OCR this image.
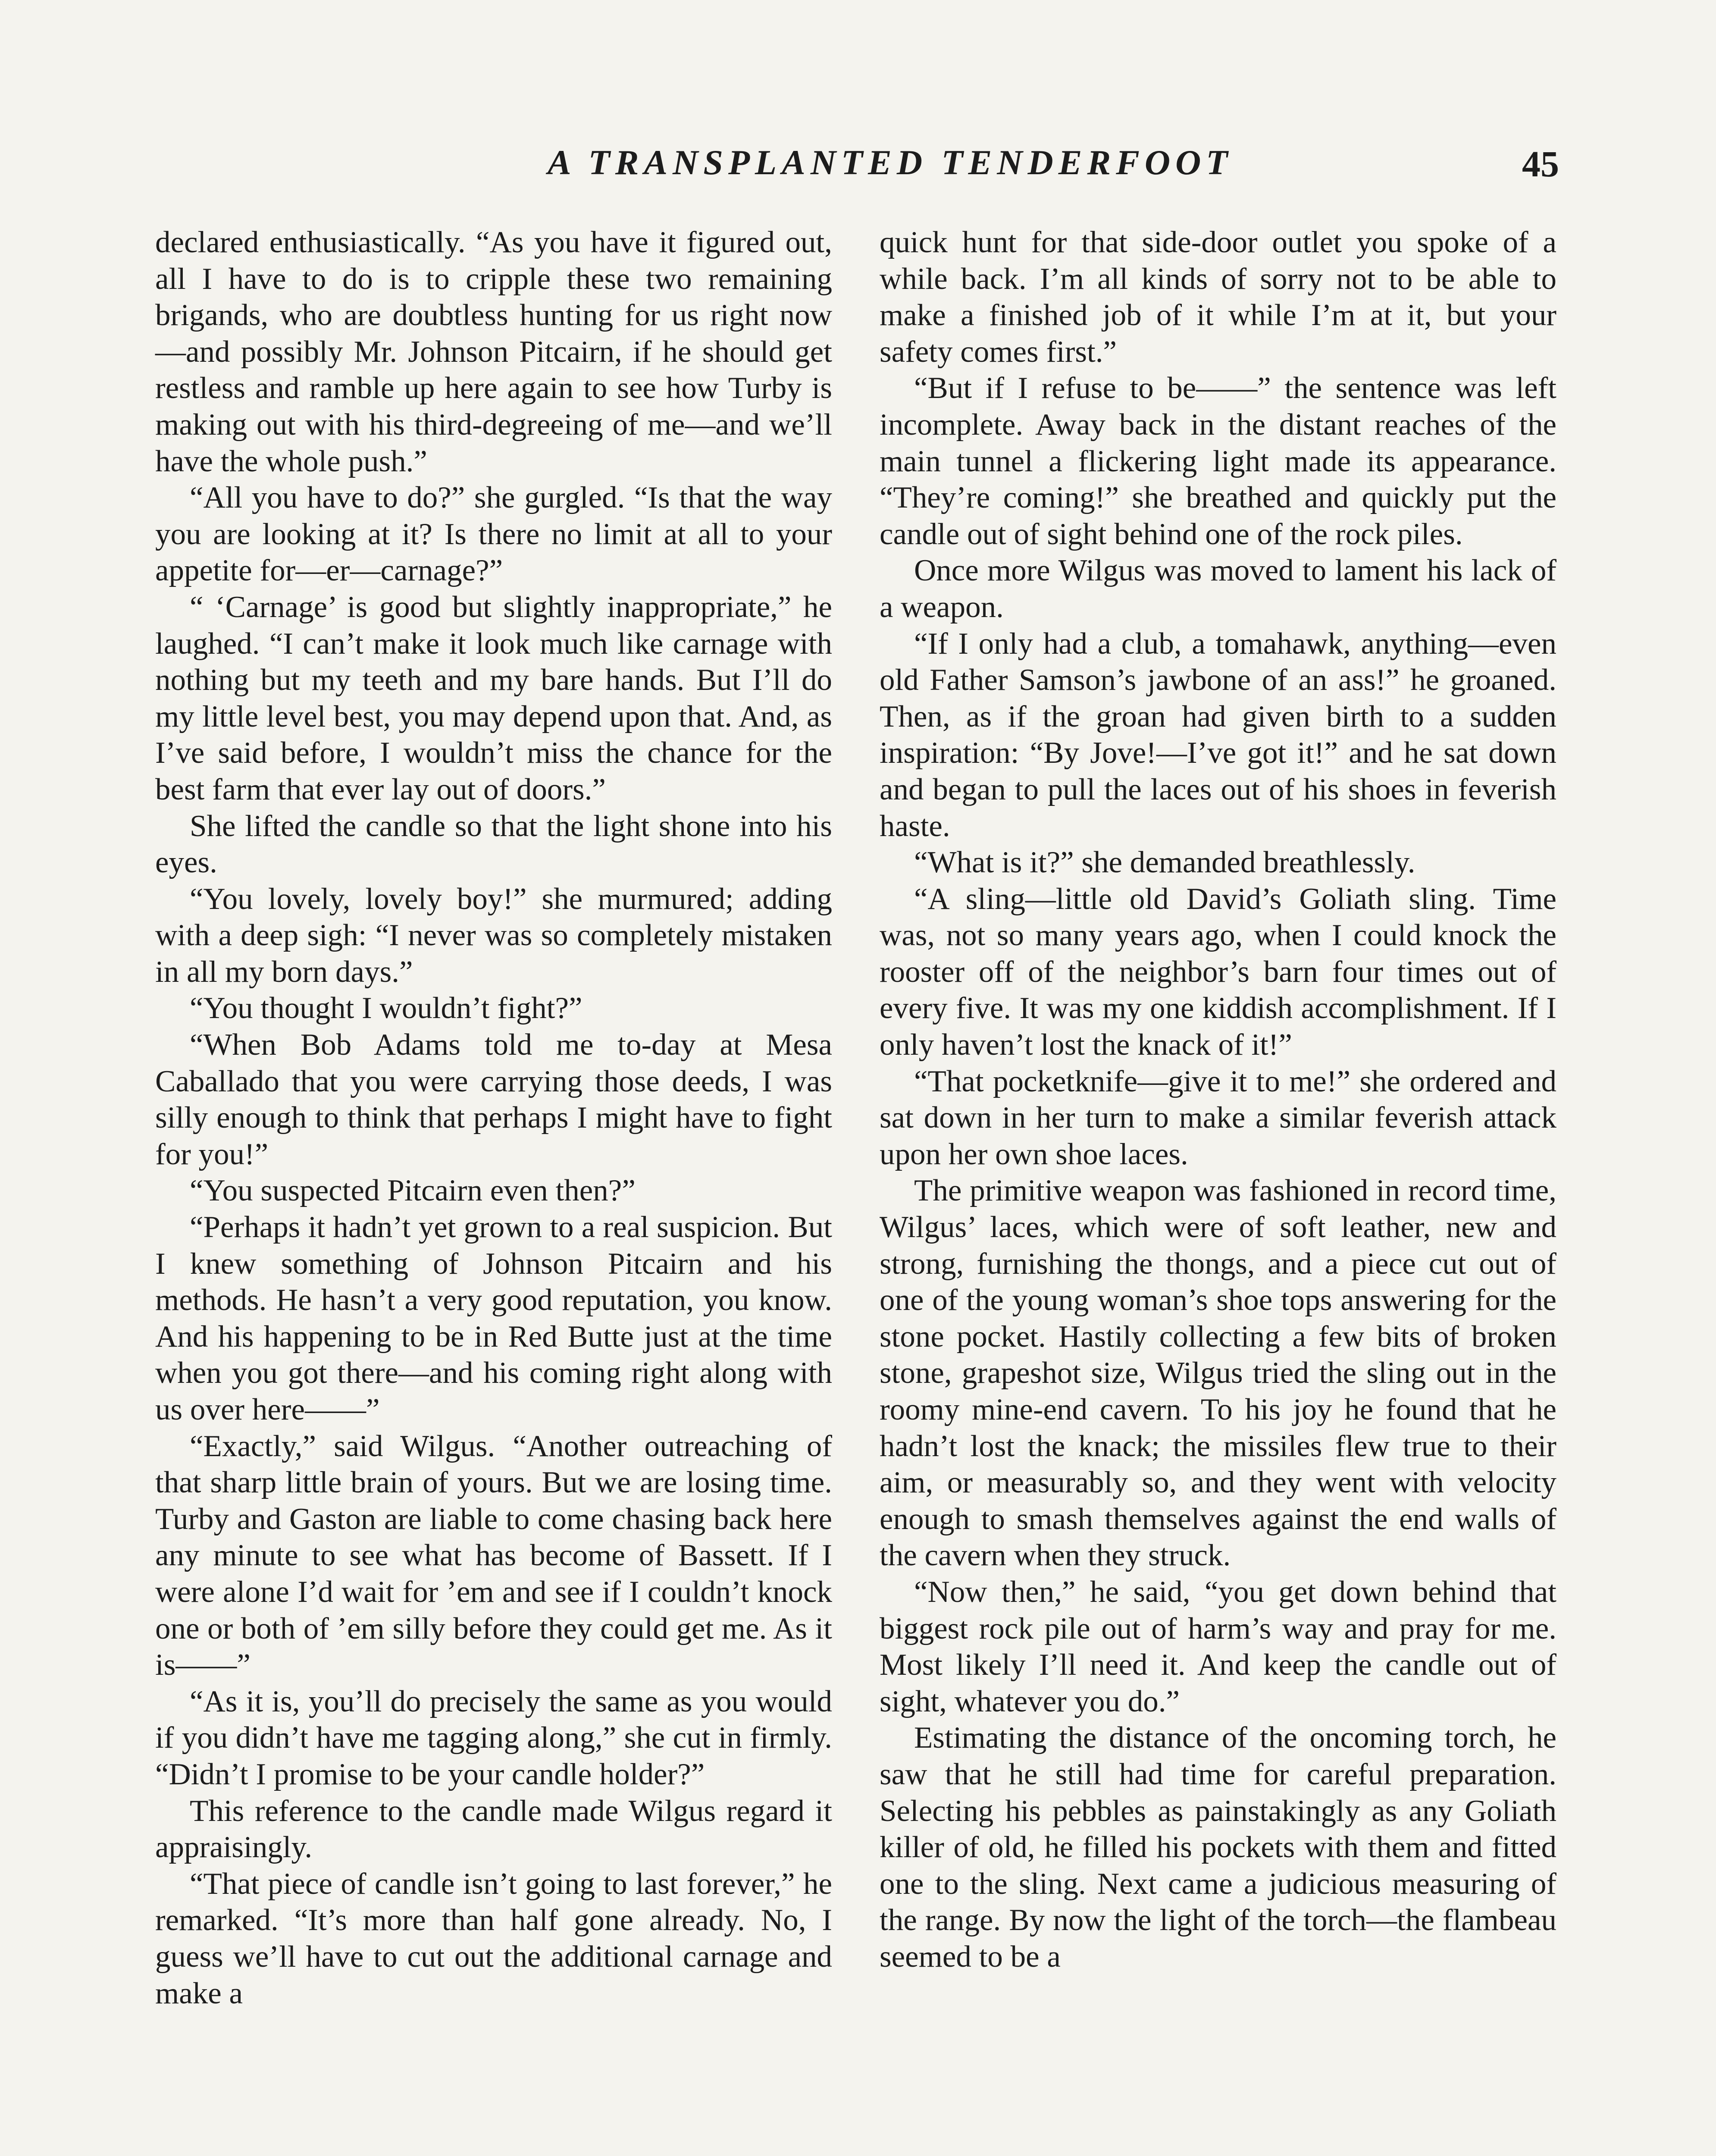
A TRANSPLANTED TENDERFOOT	45

declared enthusiastically. “As you have it figured out, all I have to do is to cripple these two remaining brigands, who are doubtless hunting for us right now—and possibly Mr. Johnson Pitcairn, if he should get restless and ramble up here again to see how Turby is making out with his third-degreeing of me—and we’ll have the whole push.”

“All you have to do?” she gurgled. “Is that the way you are looking at it? Is there no limit at all to your appetite for—er—carnage?”

“ ‘Carnage’ is good but slightly inappropriate,” he laughed. “I can’t make it look much like carnage with nothing but my teeth and my bare hands. But I’ll do my little level best, you may depend upon that. And, as I’ve said before, I wouldn’t miss the chance for the best farm that ever lay out of doors.”

She lifted the candle so that the light shone into his eyes.

“You lovely, lovely boy!” she murmured; adding with a deep sigh: “I never was so completely mistaken in all my born days.”

“You thought I wouldn’t fight?”

“When Bob Adams told me to-day at Mesa Caballado that you were carrying those deeds, I was silly enough to think that perhaps I might have to fight for you!”

“You suspected Pitcairn even then?”

“Perhaps it hadn’t yet grown to a real suspicion. But I knew something of Johnson Pitcairn and his methods. He hasn’t a very good reputation, you know. And his happening to be in Red Butte just at the time when you got there—and his coming right along with us over here——”

“Exactly,” said Wilgus. “Another outreaching of that sharp little brain of yours. But we are losing time. Turby and Gaston are liable to come chasing back here any minute to see what has become of Bassett. If I were alone I’d wait for ’em and see if I couldn’t knock one or both of ’em silly before they could get me. As it is——”

“As it is, you’ll do precisely the same as you would if you didn’t have me tagging along,” she cut in firmly. “Didn’t I promise to be your candle holder?”

This reference to the candle made Wilgus regard it appraisingly.

“That piece of candle isn’t going to last forever,” he remarked. “It’s more than half gone already. No, I guess we’ll have to cut out the additional carnage and make a

quick hunt for that side-door outlet you spoke of a while back. I’m all kinds of sorry not to be able to make a finished job of it while I’m at it, but your safety comes first.”

“But if I refuse to be——” the sentence was left incomplete. Away back in the distant reaches of the main tunnel a flickering light made its appearance. “They’re coming!” she breathed and quickly put the candle out of sight behind one of the rock piles.

Once more Wilgus was moved to lament his lack of a weapon.

“If I only had a club, a tomahawk, anything—even old Father Samson’s jawbone of an ass!” he groaned. Then, as if the groan had given birth to a sudden inspiration: “By Jove!—I’ve got it!” and he sat down and began to pull the laces out of his shoes in feverish haste.

“What is it?” she demanded breathlessly.

“A sling—little old David’s Goliath sling. Time was, not so many years ago, when I could knock the rooster off of the neighbor’s barn four times out of every five. It was my one kiddish accomplishment. If I only haven’t lost the knack of it!”

“That pocketknife—give it to me!” she ordered and sat down in her turn to make a similar feverish attack upon her own shoe laces.

The primitive weapon was fashioned in record time, Wilgus’ laces, which were of soft leather, new and strong, furnishing the thongs, and a piece cut out of one of the young woman’s shoe tops answering for the stone pocket. Hastily collecting a few bits of broken stone, grapeshot size, Wilgus tried the sling out in the roomy mine-end cavern. To his joy he found that he hadn’t lost the knack; the missiles flew true to their aim, or measurably so, and they went with velocity enough to smash themselves against the end walls of the cavern when they struck.

“Now then,” he said, “you get down behind that biggest rock pile out of harm’s way and pray for me. Most likely I’ll need it. And keep the candle out of sight, whatever you do.”

Estimating the distance of the oncoming torch, he saw that he still had time for careful preparation. Selecting his pebbles as painstakingly as any Goliath killer of old, he filled his pockets with them and fitted one to the sling. Next came a judicious measuring of the range. By now the light of the torch—the flambeau seemed to be a
